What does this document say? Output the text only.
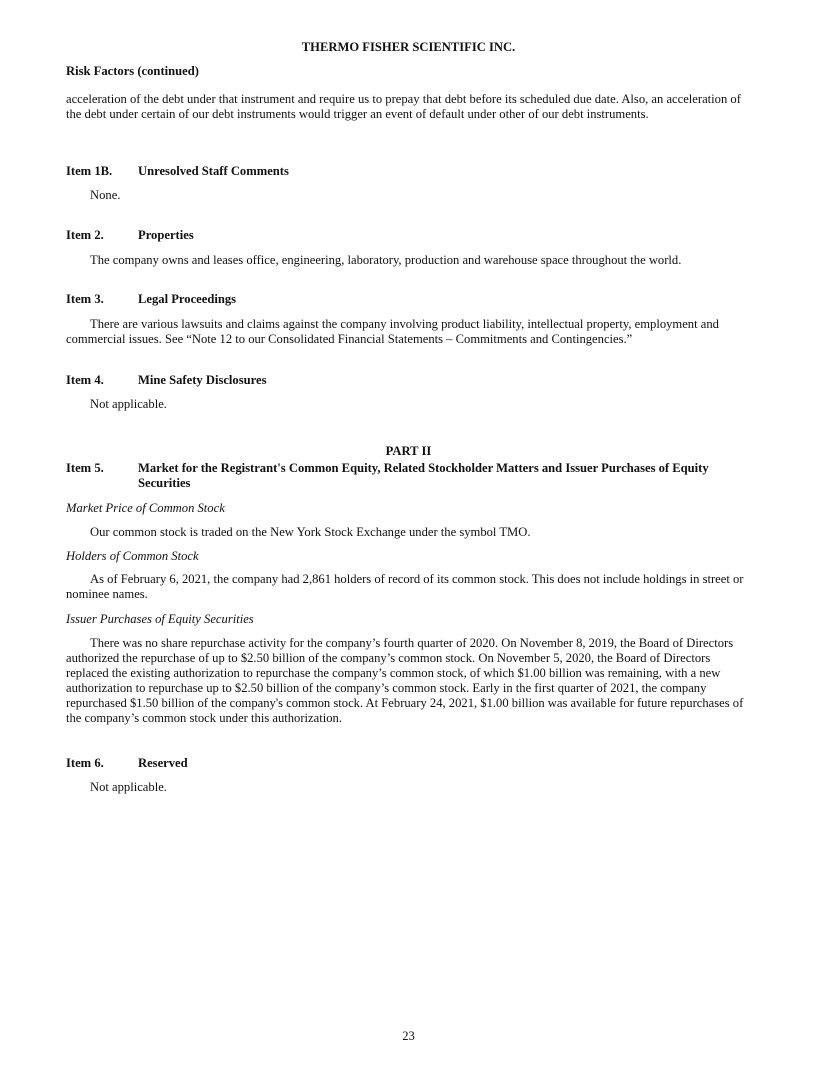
THERMO FISHER SCIENTIFIC INC.
Risk Factors (continued)

acceleration of the debt under that instrument and require us to prepay that debt before its scheduled due date. Also, an acceleration of the debt under certain of our debt instruments would trigger an event of default under other of our debt instruments.

Item 1B.	Unresolved Staff Comments
None.
Item 2.	Properties
The company owns and leases office, engineering, laboratory, production and warehouse space throughout the world.
Item 3.	Legal Proceedings

There are various lawsuits and claims against the company involving product liability, intellectual property, employment and commercial issues. See “Note 12 to our Consolidated Financial Statements – Commitments and Contingencies.”

Item 4.	Mine Safety Disclosures
Not applicable.
PART II
Item 5.	Market for the Registrant's Common Equity, Related Stockholder Matters and Issuer Purchases of Equity Securities
Market Price of Common Stock
Our common stock is traded on the New York Stock Exchange under the symbol TMO.
Holders of Common Stock

As of February 6, 2021, the company had 2,861 holders of record of its common stock. This does not include holdings in street or nominee names.

Issuer Purchases of Equity Securities

There was no share repurchase activity for the company’s fourth quarter of 2020. On November 8, 2019, the Board of Directors authorized the repurchase of up to $2.50 billion of the company’s common stock. On November 5, 2020, the Board of Directors replaced the existing authorization to repurchase the company’s common stock, of which $1.00 billion was remaining, with a new authorization to repurchase up to $2.50 billion of the company’s common stock. Early in the first quarter of 2021, the company repurchased $1.50 billion of the company's common stock. At February 24, 2021, $1.00 billion was available for future repurchases of the company’s common stock under this authorization.

Item 6.	Reserved
Not applicable.
23
